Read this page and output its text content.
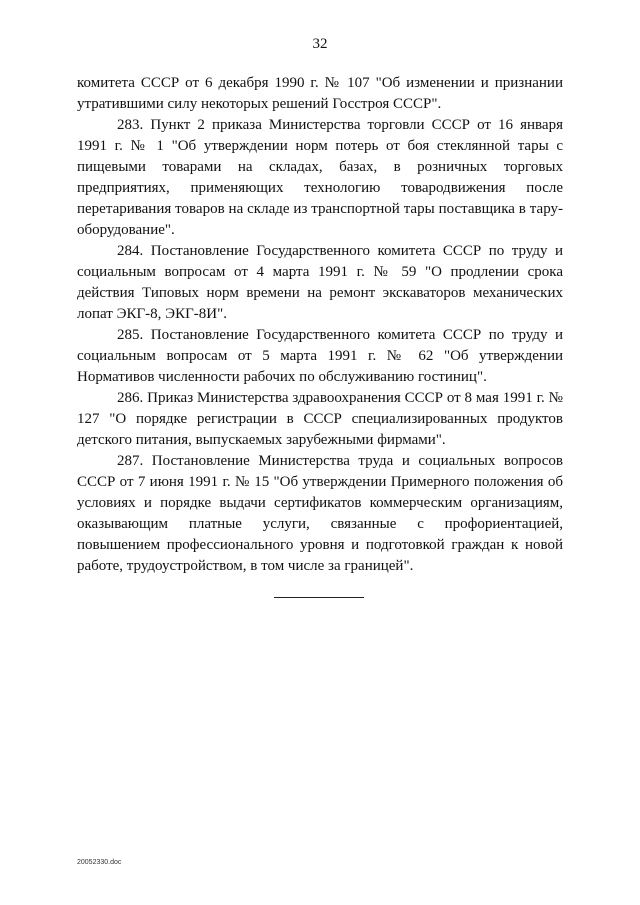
32

комитета СССР от 6 декабря 1990 г. № 107 "Об изменении и признании утратившими силу некоторых решений Госстроя СССР".

283. Пункт 2 приказа Министерства торговли СССР от 16 января 1991 г. № 1 "Об утверждении норм потерь от боя стеклянной тары с пищевыми товарами на складах, базах, в розничных торговых предприятиях, применяющих технологию товародвижения после перетаривания товаров на складе из транспортной тары поставщика в тару-оборудование".

284. Постановление Государственного комитета СССР по труду и социальным вопросам от 4 марта 1991 г. № 59 "О продлении срока действия Типовых норм времени на ремонт экскаваторов механических лопат ЭКГ-8, ЭКГ-8И".

285. Постановление Государственного комитета СССР по труду и социальным вопросам от 5 марта 1991 г. № 62 "Об утверждении Нормативов численности рабочих по обслуживанию гостиниц".

286. Приказ Министерства здравоохранения СССР от 8 мая 1991 г. № 127 "О порядке регистрации в СССР специализированных продуктов детского питания, выпускаемых зарубежными фирмами".

287. Постановление Министерства труда и социальных вопросов СССР от 7 июня 1991 г. № 15 "Об утверждении Примерного положения об условиях и порядке выдачи сертификатов коммерческим организациям, оказывающим платные услуги, связанные с профориентацией, повышением профессионального уровня и подготовкой граждан к новой работе, трудоустройством, в том числе за границей".

20052330.doc
